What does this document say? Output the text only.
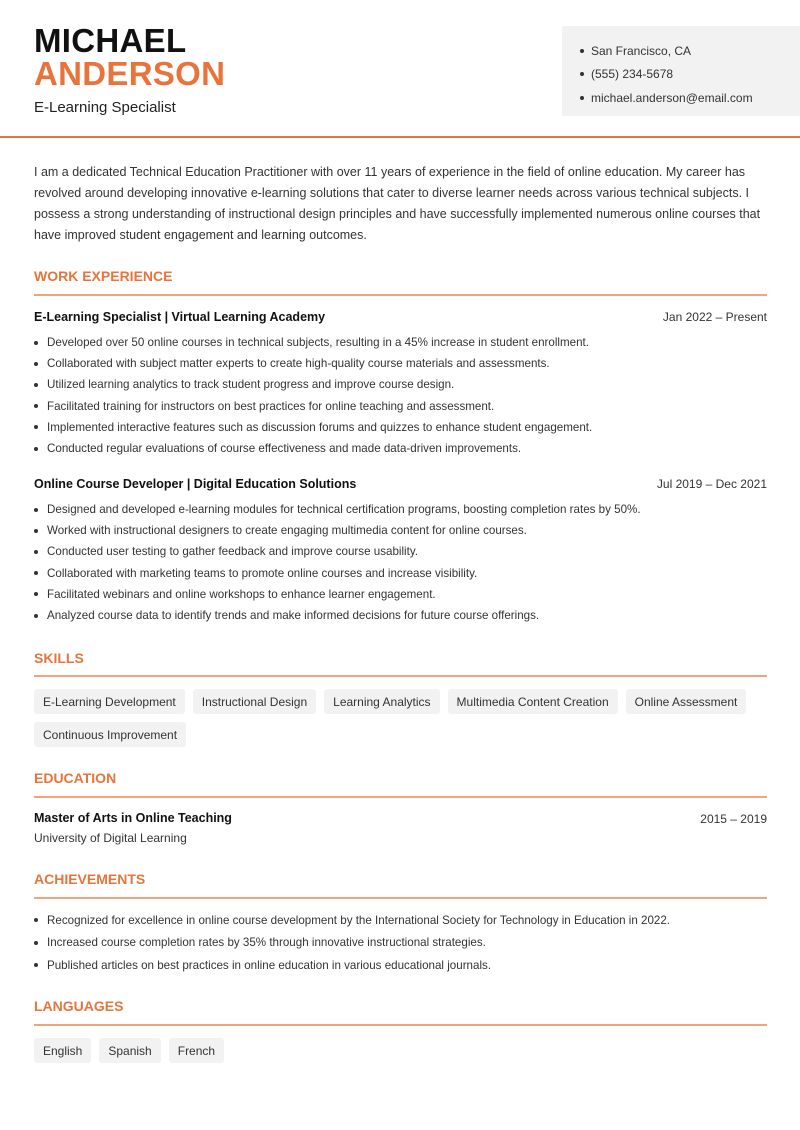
MICHAEL
ANDERSON
E-Learning Specialist
San Francisco, CA
(555) 234-5678
michael.anderson@email.com
I am a dedicated Technical Education Practitioner with over 11 years of experience in the field of online education. My career has revolved around developing innovative e-learning solutions that cater to diverse learner needs across various technical subjects. I possess a strong understanding of instructional design principles and have successfully implemented numerous online courses that have improved student engagement and learning outcomes.
WORK EXPERIENCE
E-Learning Specialist | Virtual Learning Academy	Jan 2022 – Present
Developed over 50 online courses in technical subjects, resulting in a 45% increase in student enrollment.
Collaborated with subject matter experts to create high-quality course materials and assessments.
Utilized learning analytics to track student progress and improve course design.
Facilitated training for instructors on best practices for online teaching and assessment.
Implemented interactive features such as discussion forums and quizzes to enhance student engagement.
Conducted regular evaluations of course effectiveness and made data-driven improvements.
Online Course Developer | Digital Education Solutions	Jul 2019 – Dec 2021
Designed and developed e-learning modules for technical certification programs, boosting completion rates by 50%.
Worked with instructional designers to create engaging multimedia content for online courses.
Conducted user testing to gather feedback and improve course usability.
Collaborated with marketing teams to promote online courses and increase visibility.
Facilitated webinars and online workshops to enhance learner engagement.
Analyzed course data to identify trends and make informed decisions for future course offerings.
SKILLS
E-Learning Development	Instructional Design	Learning Analytics	Multimedia Content Creation	Online Assessment
Continuous Improvement
EDUCATION
Master of Arts in Online Teaching	2015 – 2019
University of Digital Learning
ACHIEVEMENTS
Recognized for excellence in online course development by the International Society for Technology in Education in 2022.
Increased course completion rates by 35% through innovative instructional strategies.
Published articles on best practices in online education in various educational journals.
LANGUAGES
English	Spanish	French
